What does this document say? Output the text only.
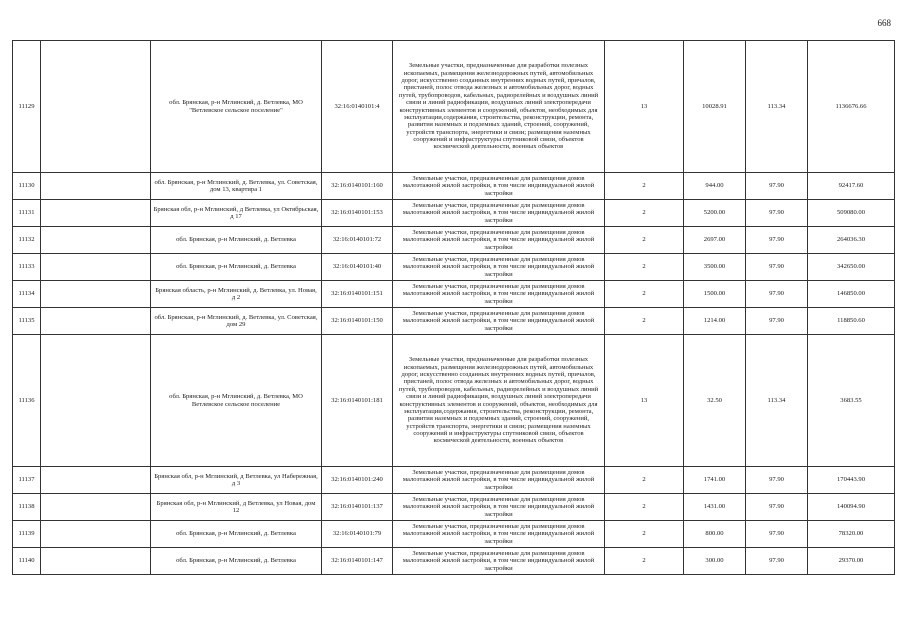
668
11129		обл. Брянская, р-н Мглинский, д. Ветлевка, МО "Ветлевское сельское поселение"	32:16:0140101:4	Земельные участки, предназначенные для разработки полезных ископаемых, размещения железнодорожных путей, автомобильных дорог, искусственно созданных внутренних водных путей, причалов, пристаней, полос отвода железных и автомобильных дорог, водных путей, трубопроводов, кабельных, радиорелейных и воздушных линий связи и линий радиофикации, воздушных линий электропередачи конструктивных элементов и сооружений, объектов, необходимых для эксплуатации,содержания, строительства, реконструкции, ремонта, развития наземных и подземных зданий, строений, сооружений, устройств транспорта, энергетики и связи; размещения наземных сооружений и инфраструктуры спутниковой связи, объектов космической деятельности, военных объектов	13	10028.91	113.34	1136676.66
11130		обл. Брянская, р-н Мглинский, д. Ветлевка, ул. Советская, дом 13, квартира 1	32:16:0140101:160	Земельные участки, предназначенные для размещения домов малоэтажной жилой застройки, в том числе индивидуальной жилой застройки	2	944.00	97.90	92417.60
11131		Брянская обл, р-н Мглинский, д Ветлевка, ул Октябрьская, д 17	32:16:0140101:153	Земельные участки, предназначенные для размещения домов малоэтажной жилой застройки, в том числе индивидуальной жилой застройки	2	5200.00	97.90	509080.00
11132		обл. Брянская, р-н Мглинский, д. Ветлевка	32:16:0140101:72	Земельные участки, предназначенные для размещения домов малоэтажной жилой застройки, в том числе индивидуальной жилой застройки	2	2697.00	97.90	264036.30
11133		обл. Брянская, р-н Мглинский, д. Ветлевка	32:16:0140101:40	Земельные участки, предназначенные для размещения домов малоэтажной жилой застройки, в том числе индивидуальной жилой застройки	2	3500.00	97.90	342650.00
11134		Брянская область, р-н Мглинский, д. Ветлевка, ул. Новая, д 2	32:16:0140101:151	Земельные участки, предназначенные для размещения домов малоэтажной жилой застройки, в том числе индивидуальной жилой застройки	2	1500.00	97.90	146850.00
11135		обл. Брянская, р-н Мглинский, д. Ветлевка, ул. Советская, дом 29	32:16:0140101:150	Земельные участки, предназначенные для размещения домов малоэтажной жилой застройки, в том числе индивидуальной жилой застройки	2	1214.00	97.90	118850.60
11136		обл. Брянская, р-н Мглинский, д. Ветлевка, МО Ветлевское сельское поселение	32:16:0140101:181	Земельные участки, предназначенные для разработки полезных ископаемых, размещения железнодорожных путей, автомобильных дорог, искусственно созданных внутренних водных путей, причалов, пристаней, полос отвода железных и автомобильных дорог, водных путей, трубопроводов, кабельных, радиорелейных и воздушных линий связи и линий радиофикации, воздушных линий электропередачи конструктивных элементов и сооружений, объектов, необходимых для эксплуатации,содержания, строительства, реконструкции, ремонта, развития наземных и подземных зданий, строений, сооружений, устройств транспорта, энергетики и связи; размещения наземных сооружений и инфраструктуры спутниковой связи, объектов космической деятельности, военных объектов	13	32.50	113.34	3683.55
11137		Брянская обл, р-н Мглинский, д Ветлевка, ул Набережная, д 3	32:16:0140101:240	Земельные участки, предназначенные для размещения домов малоэтажной жилой застройки, в том числе индивидуальной жилой застройки	2	1741.00	97.90	170443.90
11138		Брянская обл, р-н Мглинский, д Ветлевка, ул Новая, дом 12	32:16:0140101:137	Земельные участки, предназначенные для размещения домов малоэтажной жилой застройки, в том числе индивидуальной жилой застройки	2	1431.00	97.90	140094.90
11139		обл. Брянская, р-н Мглинский, д. Ветлевка	32:16:0140101:79	Земельные участки, предназначенные для размещения домов малоэтажной жилой застройки, в том числе индивидуальной жилой застройки	2	800.00	97.90	78320.00
11140		обл. Брянская, р-н Мглинский, д. Ветлевка	32:16:0140101:147	Земельные участки, предназначенные для размещения домов малоэтажной жилой застройки, в том числе индивидуальной жилой застройки	2	300.00	97.90	29370.00
